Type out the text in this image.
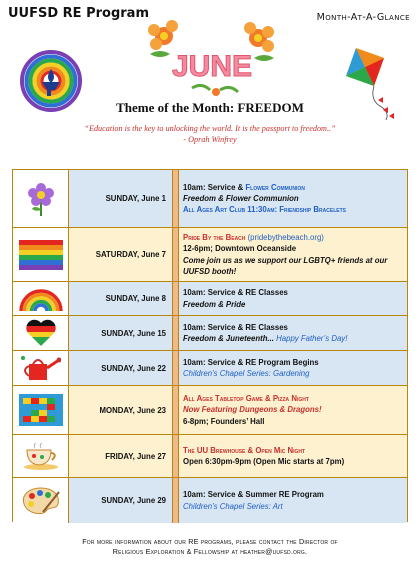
UUFSD RE Program	Month-At-A-Glance
JUNE
Theme of the Month: FREEDOM
“Education is the key to unlocking the world. It is the passport to freedom..”
- Oprah Winfrey
SUNDAY, June 1
10am: Service & Flower Communion
Freedom & Flower Communion
All Ages Art Club 11:30am: Friendship Bracelets
SATURDAY, June 7
Pride By the Beach (pridebythebeach.org)
12-6pm; Downtown Oceanside
Come join us as we support our LGBTQ+ friends at our UUFSD booth!
SUNDAY, June 8
10am: Service & RE Classes
Freedom & Pride
SUNDAY, June 15
10am: Service & RE Classes
Freedom & Juneteenth... Happy Father’s Day!
SUNDAY, June 22
10am: Service & RE Program Begins
Children’s Chapel Series: Gardening
MONDAY, June 23
All Ages Tabletop Game & Pizza Night
Now Featuring Dungeons & Dragons!
6-8pm; Founders’ Hall
FRIDAY, June 27
The UU Brewhouse & Open Mic Night
Open 6:30pm-9pm (Open Mic starts at 7pm)
SUNDAY, June 29
10am: Service & Summer RE Program
Children’s Chapel Series: Art
For more information about our RE programs, please contact the Director of
Religious Exploration & Fellowship at heather@uufsd.org.
